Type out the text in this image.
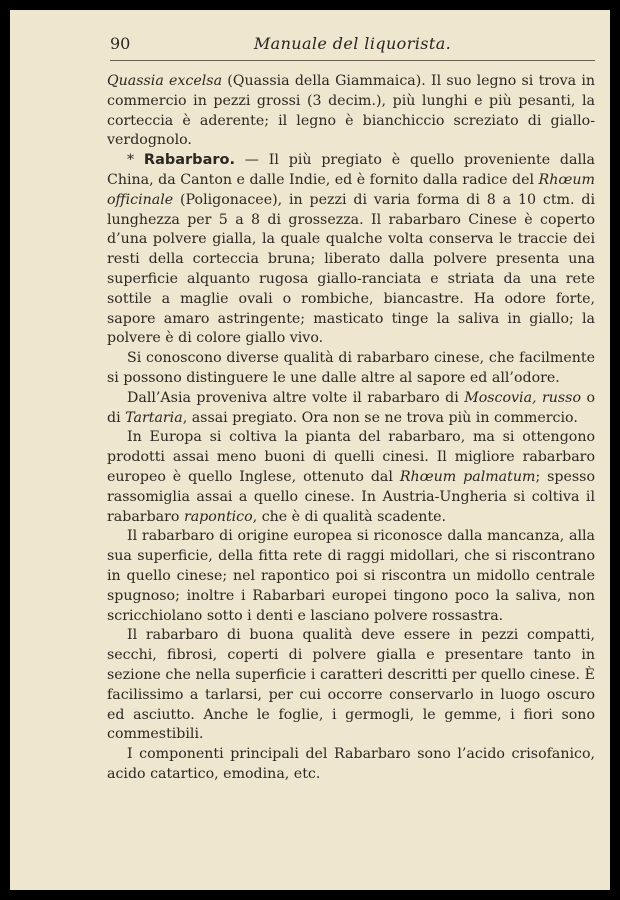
90	Manuale del liquorista.

Quassia excelsa (Quassia della Giammaica). Il suo legno si trova in commercio in pezzi grossi (3 decim.), più lunghi e più pesanti, la corteccia è aderente; il legno è bianchiccio screziato di giallo-verdognolo.

* Rabarbaro. — Il più pregiato è quello proveniente dalla China, da Canton e dalle Indie, ed è fornito dalla radice del Rhœum officinale (Poligonacee), in pezzi di varia forma di 8 a 10 ctm. di lunghezza per 5 a 8 di grossezza. Il rabarbaro Cinese è coperto d’una polvere gialla, la quale qualche volta conserva le traccie dei resti della corteccia bruna; liberato dalla polvere presenta una superficie alquanto rugosa giallo-ranciata e striata da una rete sottile a maglie ovali o rombiche, biancastre. Ha odore forte, sapore amaro astringente; masticato tinge la saliva in giallo; la polvere è di colore giallo vivo.

Si conoscono diverse qualità di rabarbaro cinese, che facilmente si possono distinguere le une dalle altre al sapore ed all’odore.

Dall’Asia proveniva altre volte il rabarbaro di Moscovia, russo o di Tartaria, assai pregiato. Ora non se ne trova più in commercio.

In Europa si coltiva la pianta del rabarbaro, ma si ottengono prodotti assai meno buoni di quelli cinesi. Il migliore rabarbaro europeo è quello Inglese, ottenuto dal Rhœum palmatum; spesso rassomiglia assai a quello cinese. In Austria-Ungheria si coltiva il rabarbaro rapontico, che è di qualità scadente.

Il rabarbaro di origine europea si riconosce dalla mancanza, alla sua superficie, della fitta rete di raggi midollari, che si riscontrano in quello cinese; nel rapontico poi si riscontra un midollo centrale spugnoso; inoltre i Rabarbari europei tingono poco la saliva, non scricchiolano sotto i denti e lasciano polvere rossastra.

Il rabarbaro di buona qualità deve essere in pezzi compatti, secchi, fibrosi, coperti di polvere gialla e presentare tanto in sezione che nella superficie i caratteri descritti per quello cinese. È facilissimo a tarlarsi, per cui occorre conservarlo in luogo oscuro ed asciutto. Anche le foglie, i germogli, le gemme, i fiori sono commestibili.

I componenti principali del Rabarbaro sono l’acido crisofanico, acido catartico, emodina, etc.
